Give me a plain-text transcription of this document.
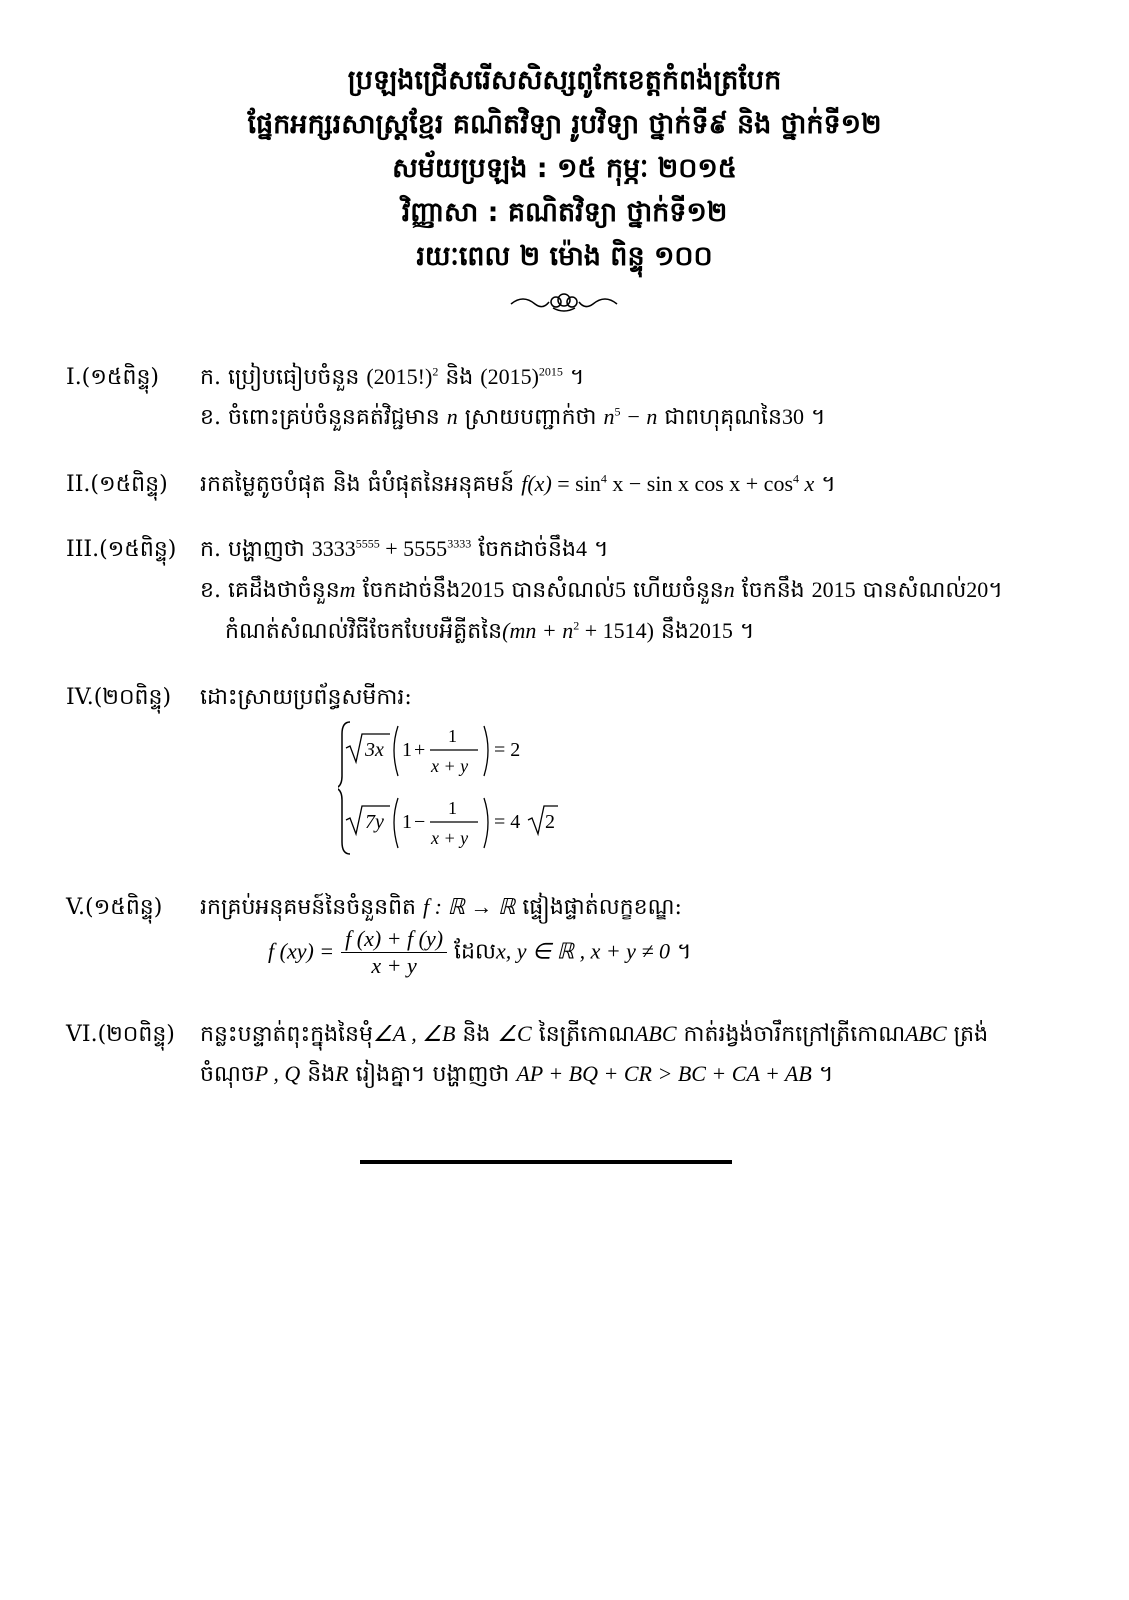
ប្រឡងជ្រើសរើសសិស្សពូកែខេត្តកំពង់ត្របែក
ផ្នែកអក្សរសាស្ត្រខ្មែរ គណិតវិទ្យា រូបវិទ្យា ថ្នាក់ទី៩ និង ថ្នាក់ទី១២
សម័យប្រឡង : ១៥ កុម្ភៈ ២០១៥
វិញ្ញាសា : គណិតវិទ្យា ថ្នាក់ទី១២
រយៈពេល ២ ម៉ោង ពិន្ទុ ១០០
I.(១៥ពិន្ទុ) ក. ប្រៀបធៀបចំនួន $(2015!)^2$ និង $(2015)^{2015}$ ។
ខ. ចំពោះគ្រប់ចំនួនគត់វិជ្ជមាន n ស្រាយបញ្ជាក់ថា $n^5 - n$ ជាពហុគុណនៃ30 ។
II.(១៥ពិន្ទុ) រកតម្លៃតូចបំផុត និង ធំបំផុតនៃអនុគមន៍ $f(x) = \sin^4 x - \sin x$ $\cos x + \cos^4 x$ ។
III.(១៥ពិន្ទុ) ក. បង្ហាញថា $3333^{5555} + 5555^{3333}$ ចែកដាច់នឹង4 ។
ខ. គេដឹងថាចំនួនm ចែកដាច់នឹង2015 បានសំណល់5 ហើយចំនួនn ចែកនឹង 2015 បានសំណល់20។
កំណត់សំណល់វិធីចែកបែបអឺគ្លីតនៃ$(mn + n^2 + 1514)$ នឹង2015 ។
IV.(២០ពិន្ទុ) ដោះស្រាយប្រព័ន្ធសមីការ:
3x 1 +
1
x + y
= 2
7y 1 −
1
x + y
= 4 2
V.(១៥ពិន្ទុ) រកគ្រប់អនុគមន៍នៃចំនួនពិត f : ℝ → ℝ ផ្ទៀងផ្ទាត់លក្ខខណ្ឌ:
f $(xy) = \frac{f (x) + f (y)}{x + y}$ ដែលx, y ∈ ℝ , x + y ≠ 0 ។
VI.(២០ពិន្ទុ) កន្លះបន្ទាត់ពុះក្នុងនៃមុំ∠A , ∠B និង ∠C នៃត្រីកោណABC កាត់រង្វង់ចារឹកក្រៅត្រីកោណABC ត្រង់
ចំណុចP , Q និងR រៀងគ្នា។ បង្ហាញថា AP + BQ + CR > BC + CA + AB ។
